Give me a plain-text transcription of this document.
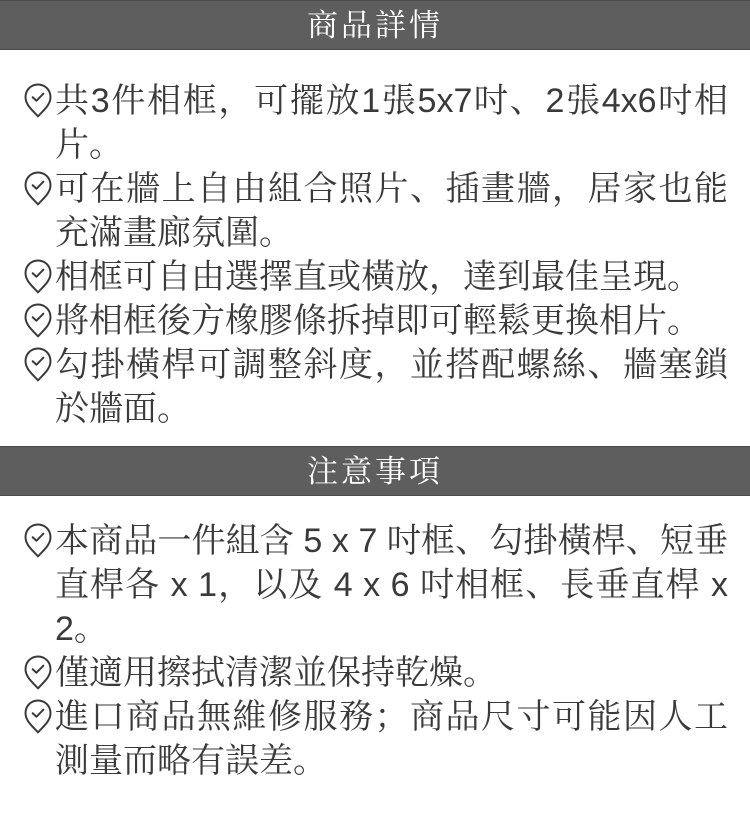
商品詳情
共3件相框，可擺放1張5x7吋、2張4x6吋相片。
可在牆上自由組合照片、插畫牆，居家也能充滿畫廊氛圍。
相框可自由選擇直或橫放，達到最佳呈現。
將相框後方橡膠條拆掉即可輕鬆更換相片。
勾掛橫桿可調整斜度，並搭配螺絲、牆塞鎖於牆面。
注意事項
本商品一件組含 5 x 7 吋框、勾掛橫桿、短垂直桿各 x 1，以及 4 x 6 吋相框、長垂直桿 x 2。
僅適用擦拭清潔並保持乾燥。
進口商品無維修服務；商品尺寸可能因人工測量而略有誤差。
